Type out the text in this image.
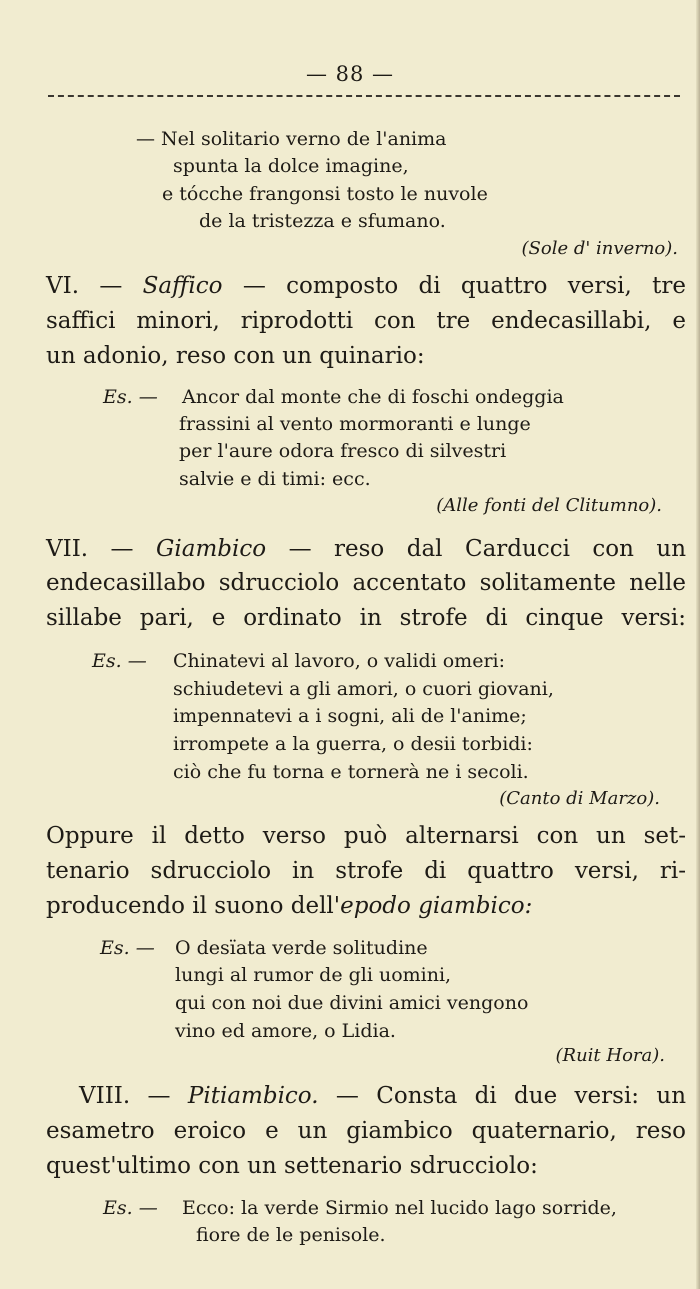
— 88 —
— Nel solitario verno de l'anima
spunta la dolce imagine,
e tócche frangonsi tosto le nuvole
de la tristezza e sfumano.
(Sole d' inverno).
VI. — Saffico — composto di quattro versi, tre
saffici minori, riprodotti con tre endecasillabi, e
un adonio, reso con un quinario:
Es. — Ancor dal monte che di foschi ondeggia
frassini al vento mormoranti e lunge
per l'aure odora fresco di silvestri
salvie e di timi: ecc.
(Alle fonti del Clitumno).
VII. — Giambico — reso dal Carducci con un
endecasillabo sdrucciolo accentato solitamente nelle
sillabe pari, e ordinato in strofe di cinque versi:
Es. — Chinatevi al lavoro, o validi omeri:
schiudetevi a gli amori, o cuori giovani,
impennatevi a i sogni, ali de l'anime;
irrompete a la guerra, o desii torbidi:
ciò che fu torna e tornerà ne i secoli.
(Canto di Marzo).
Oppure il detto verso può alternarsi con un set-
tenario sdrucciolo in strofe di quattro versi, ri-
producendo il suono dell'epodo giambico:
Es. — O desïata verde solitudine
lungi al rumor de gli uomini,
qui con noi due divini amici vengono
vino ed amore, o Lidia.
(Ruit Hora).
VIII. — Pitiambico. — Consta di due versi: un
esametro eroico e un giambico quaternario, reso
quest'ultimo con un settenario sdrucciolo:
Es. — Ecco: la verde Sirmio nel lucido lago sorride,
fiore de le penisole.
